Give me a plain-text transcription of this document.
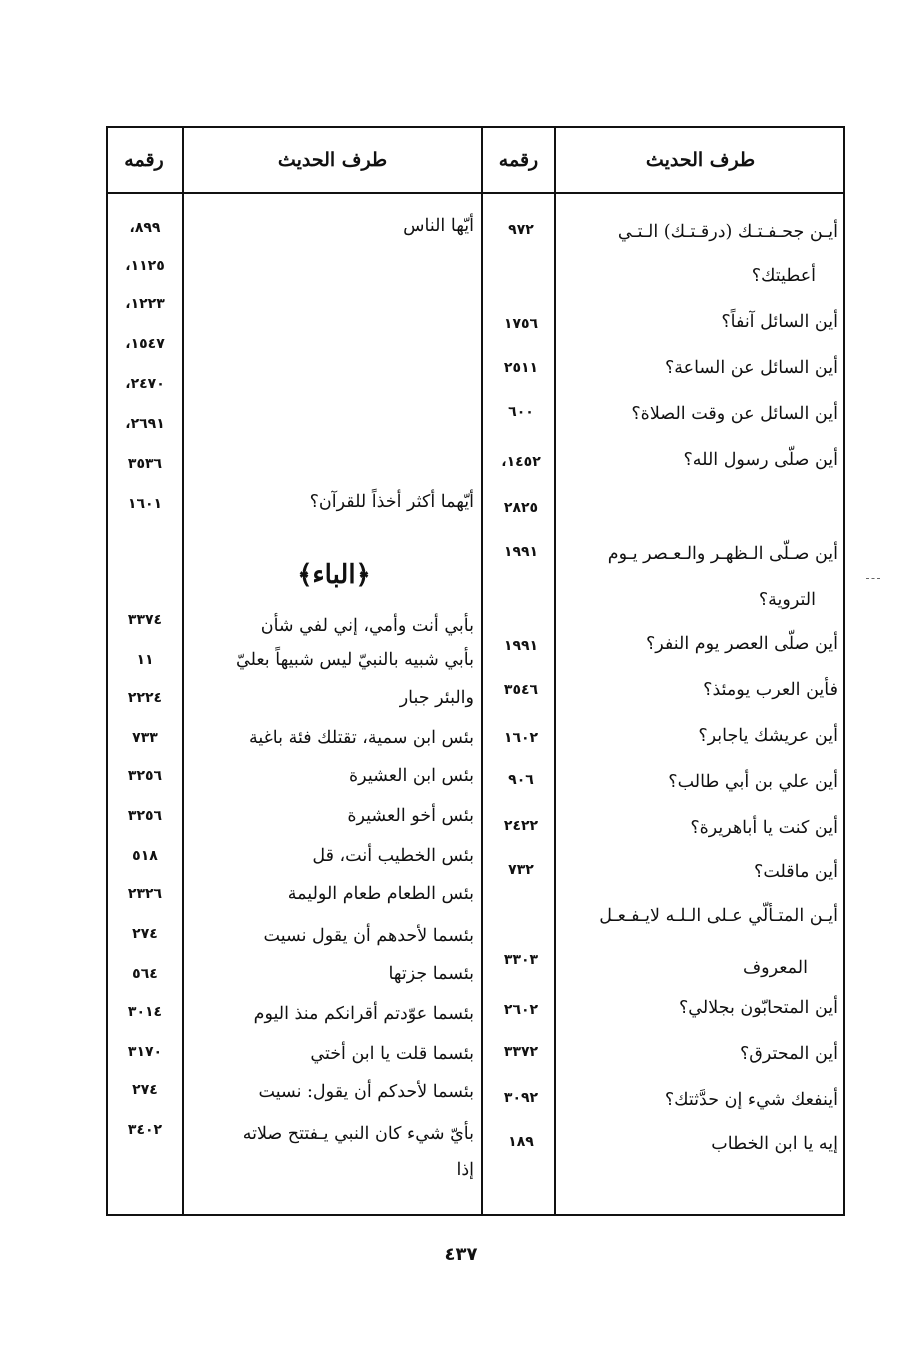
طرف الحديث
رقمه
طرف الحديث
رقمه
أيـن جحـفـتـك (درقـتـك) الـتـي
٩٧٢
أعطيتك؟
أين السائل آنفاً؟
١٧٥٦
أين السائل عن الساعة؟
٢٥١١
أين السائل عن وقت الصلاة؟
٦٠٠
أين صلّى رسول الله؟
١٤٥٢،
٢٨٢٥
أين صـلّى الـظهـر والـعـصر يـوم
١٩٩١
التروية؟
أين صلّى العصر يوم النفر؟
١٩٩١
فأين العرب يومئذ؟
٣٥٤٦
أين عريشك ياجابر؟
١٦٠٢
أين علي بن أبي طالب؟
٩٠٦
أين كنت يا أباهريرة؟
٢٤٢٢
أين ماقلت؟
٧٣٢
أيـن المتـألّي عـلى الـلـه لايـفـعـل
المعروف
٣٣٠٣
أين المتحابّون بجلالي؟
٢٦٠٢
أين المحترق؟
٣٣٧٢
أينفعك شيء إن حدَّثتك؟
٣٠٩٢
إيه يا ابن الخطاب
١٨٩
أيّها الناس
٨٩٩،
١١٢٥،
١٢٢٣،
١٥٤٧،
٢٤٧٠،
٢٦٩١،
٣٥٣٦
أيّهما أكثر أخذاً للقرآن؟
١٦٠١
﴿الباء﴾
بأبي أنت وأمي، إني لفي شأن
٣٣٧٤
بأبي شبيه بالنبيّ ليس شبيهاً بعليّ
١١
والبئر جبار
٢٢٢٤
بئس ابن سمية، تقتلك فئة باغية
٧٣٣
بئس ابن العشيرة
٣٢٥٦
بئس أخو العشيرة
٣٢٥٦
بئس الخطيب أنت، قل
٥١٨
بئس الطعام طعام الوليمة
٢٣٢٦
بئسما لأحدهم أن يقول نسيت
٢٧٤
بئسما جزتها
٥٦٤
بئسما عوّدتم أقرانكم منذ اليوم
٣٠١٤
بئسما قلت يا ابن أختي
٣١٧٠
بئسما لأحدكم أن يقول: نسيت
٢٧٤
بأيّ شيء كان النبي يـفتتح صلاته
٣٤٠٢
إذا
٤٣٧
